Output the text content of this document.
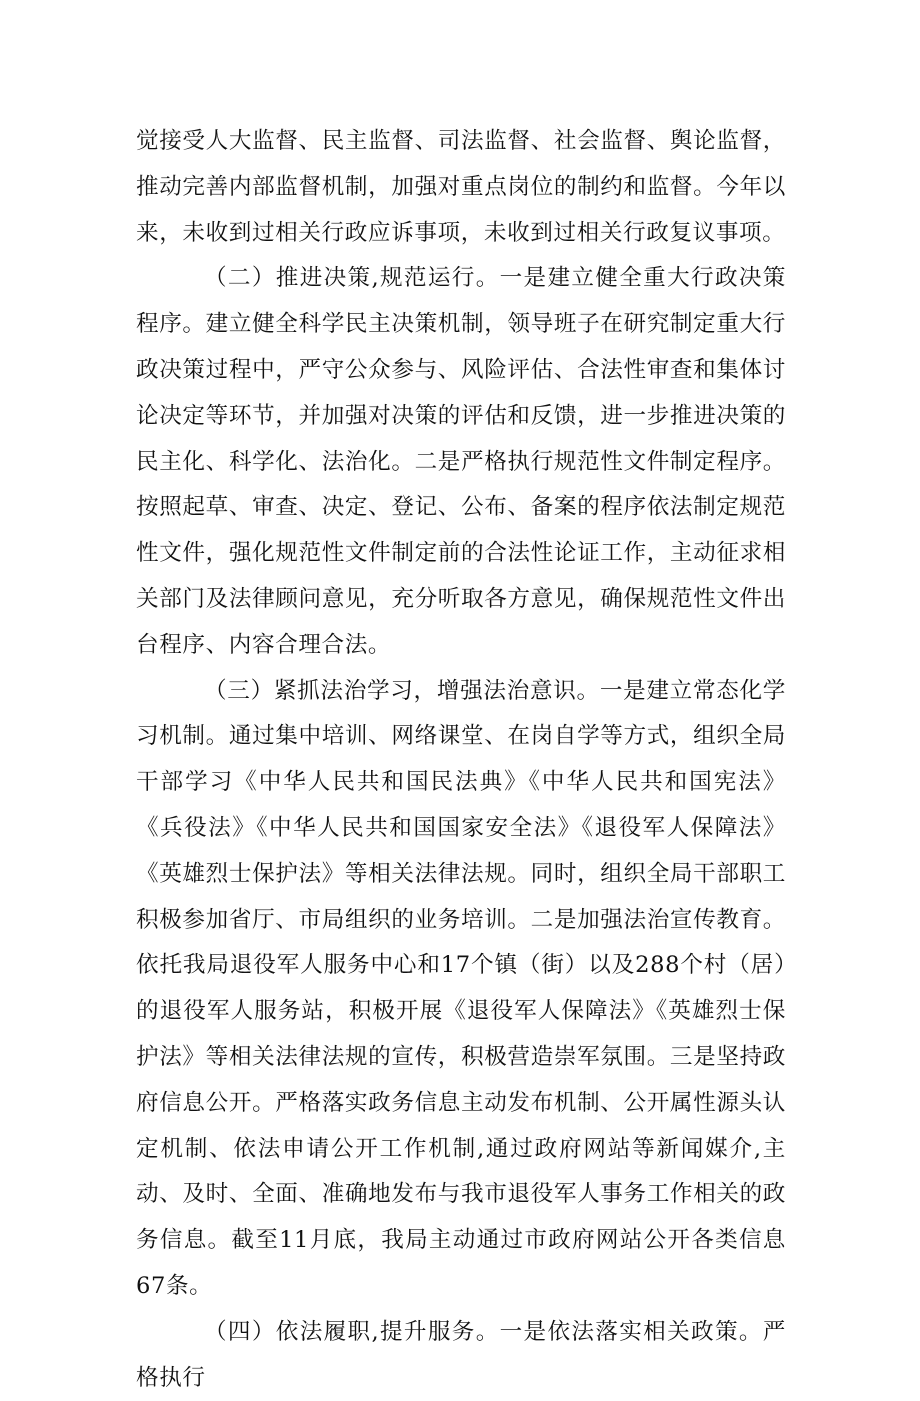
觉接受人大监督、民主监督、司法监督、社会监督、舆论监督，推动完善内部监督机制，加强对重点岗位的制约和监督。今年以来，未收到过相关行政应诉事项，未收到过相关行政复议事项。

（二）推进决策,规范运行。一是建立健全重大行政决策程序。建立健全科学民主决策机制，领导班子在研究制定重大行政决策过程中，严守公众参与、风险评估、合法性审查和集体讨论决定等环节，并加强对决策的评估和反馈，进一步推进决策的民主化、科学化、法治化。二是严格执行规范性文件制定程序。按照起草、审查、决定、登记、公布、备案的程序依法制定规范性文件，强化规范性文件制定前的合法性论证工作，主动征求相关部门及法律顾问意见，充分听取各方意见，确保规范性文件出台程序、内容合理合法。

（三）紧抓法治学习，增强法治意识。一是建立常态化学习机制。通过集中培训、网络课堂、在岗自学等方式，组织全局干部学习《中华人民共和国民法典》《中华人民共和国宪法》《兵役法》《中华人民共和国国家安全法》《退役军人保障法》《英雄烈士保护法》等相关法律法规。同时，组织全局干部职工积极参加省厅、市局组织的业务培训。二是加强法治宣传教育。依托我局退役军人服务中心和17个镇（街）以及288个村（居）的退役军人服务站，积极开展《退役军人保障法》《英雄烈士保护法》等相关法律法规的宣传，积极营造崇军氛围。三是坚持政府信息公开。严格落实政务信息主动发布机制、公开属性源头认定机制、依法申请公开工作机制,通过政府网站等新闻媒介,主动、及时、全面、准确地发布与我市退役军人事务工作相关的政务信息。截至11月底，我局主动通过市政府网站公开各类信息67条。

（四）依法履职,提升服务。一是依法落实相关政策。严格执行
